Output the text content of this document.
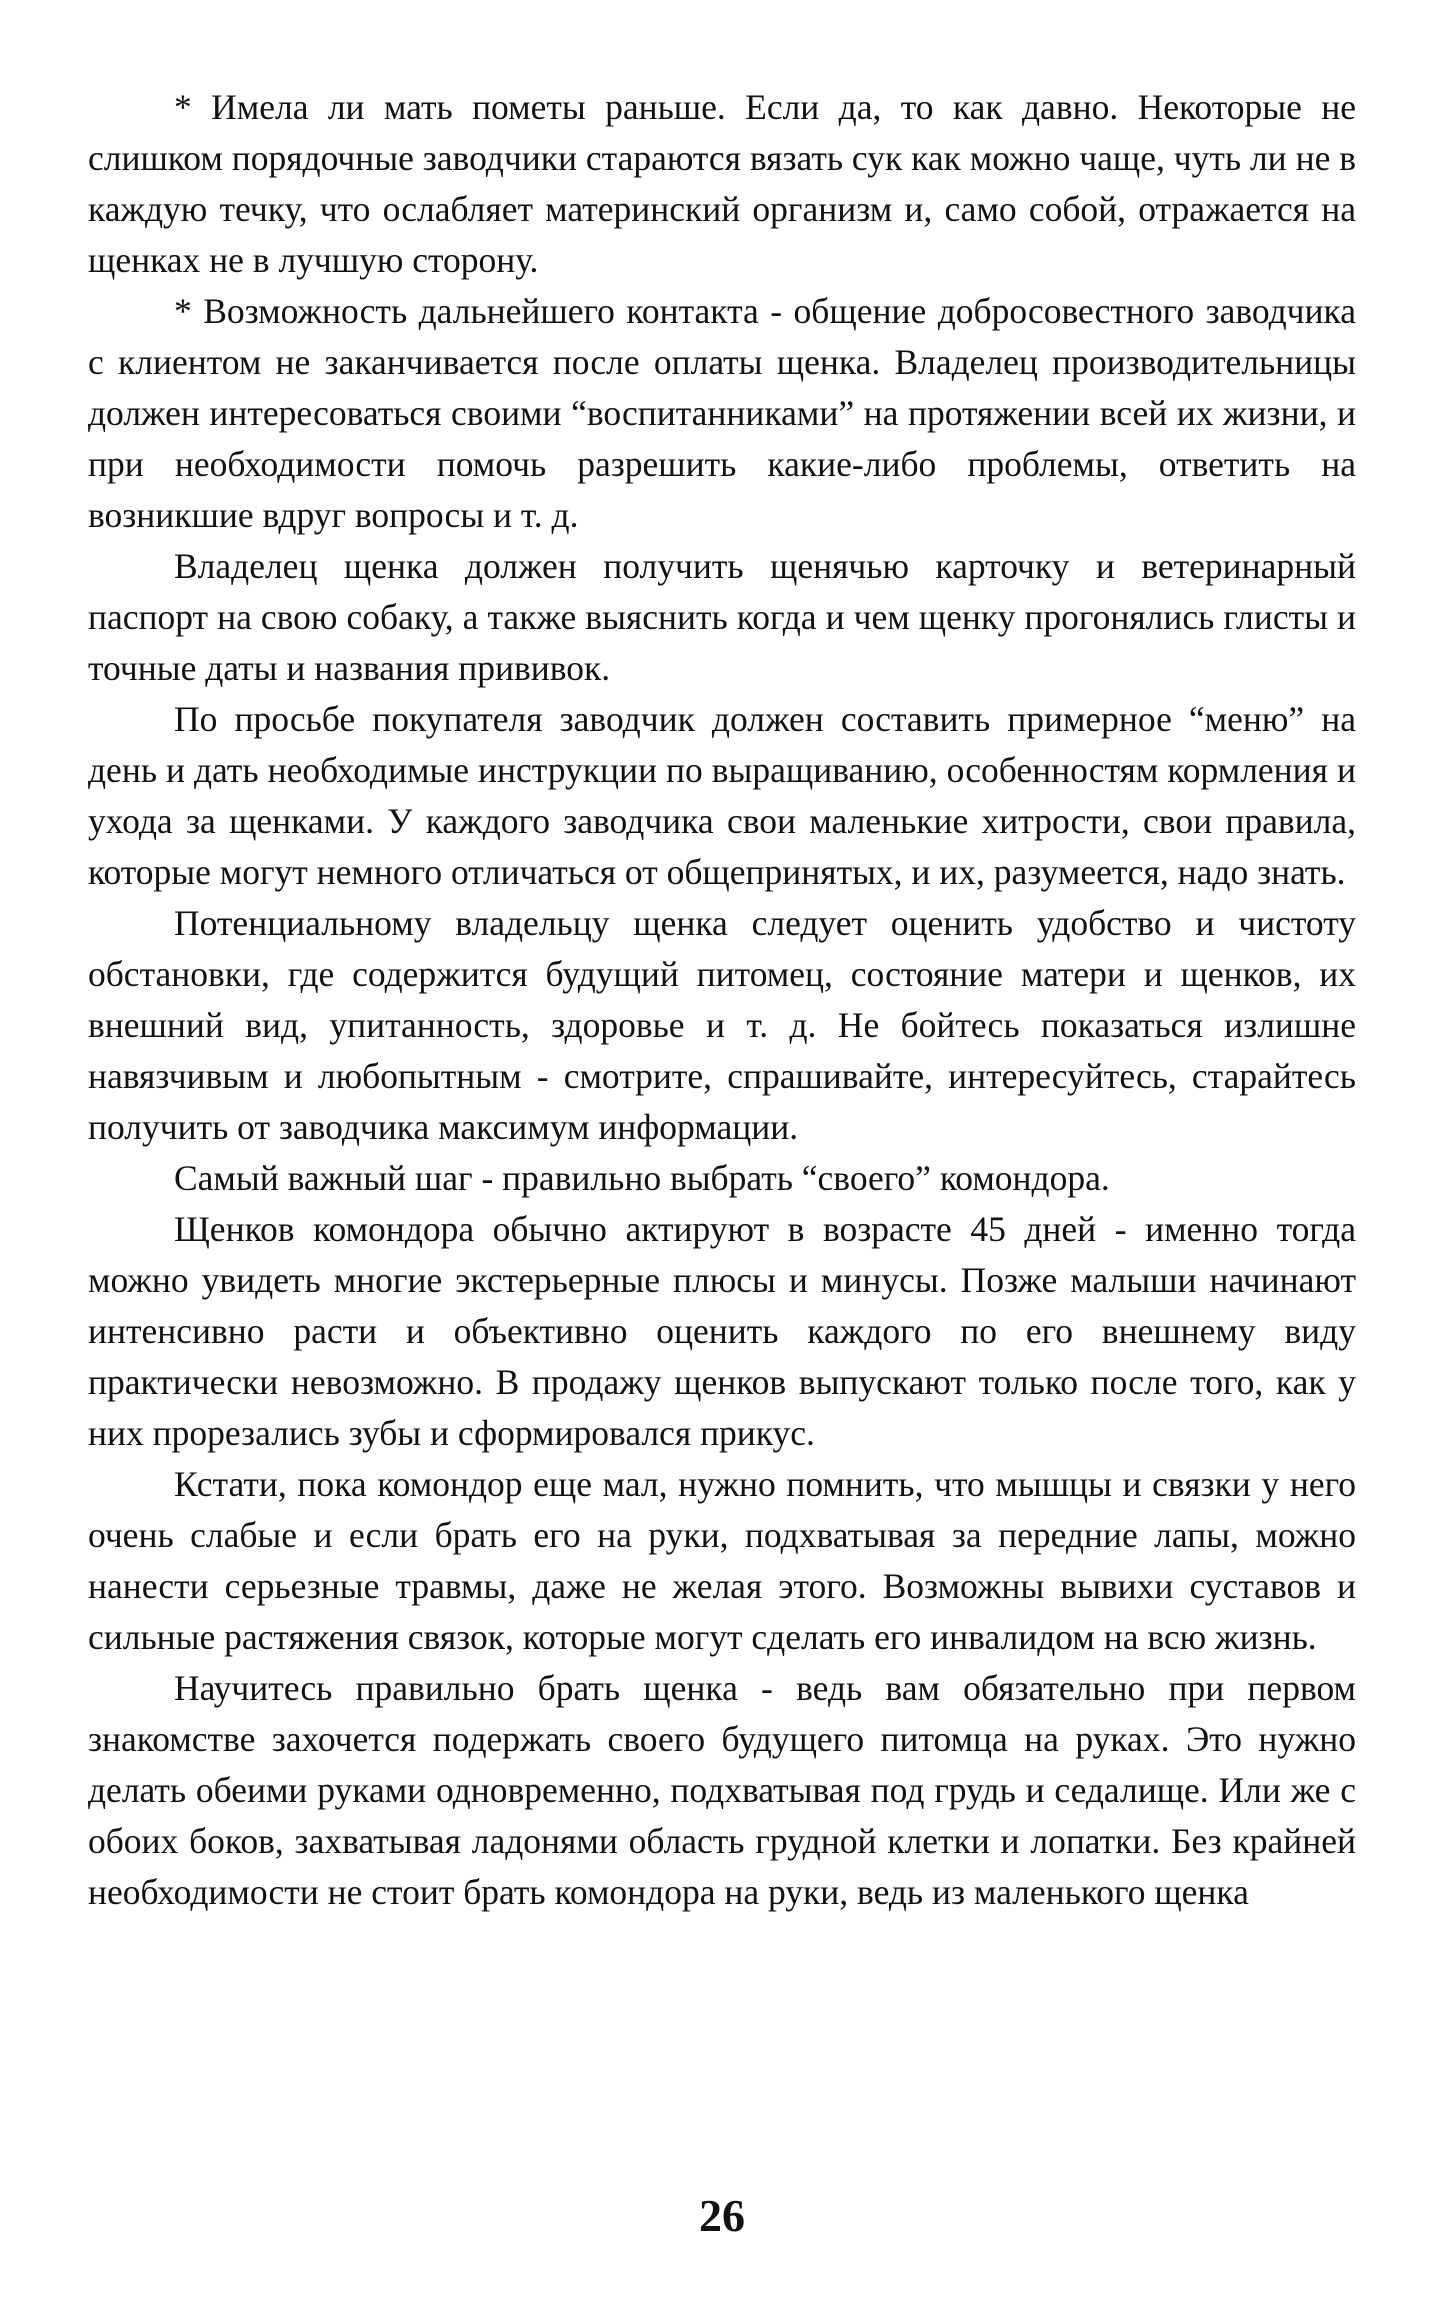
* Имела ли мать пометы раньше. Если да, то как давно. Некоторые не слишком порядочные заводчики стараются вязать сук как можно чаще, чуть ли не в каждую течку, что ослабляет материнский организм и, само собой, отражается на щенках не в лучшую сторону.

* Возможность дальнейшего контакта - общение добросовестного заводчика с клиентом не заканчивается после оплаты щенка. Владелец производительницы должен интересоваться своими “воспитанниками” на протяжении всей их жизни, и при необходимости помочь разрешить какие-либо проблемы, ответить на возникшие вдруг вопросы и т. д.

Владелец щенка должен получить щенячью карточку и ветеринарный паспорт на свою собаку, а также выяснить когда и чем щенку прогонялись глисты и точные даты и названия прививок.

По просьбе покупателя заводчик должен составить примерное “меню” на день и дать необходимые инструкции по выращиванию, особенностям кормления и ухода за щенками. У каждого заводчика свои маленькие хитрости, свои правила, которые могут немного отличаться от общепринятых, и их, разумеется, надо знать.

Потенциальному владельцу щенка следует оценить удобство и чистоту обстановки, где содержится будущий питомец, состояние матери и щенков, их внешний вид, упитанность, здоровье и т. д. Не бойтесь показаться излишне навязчивым и любопытным - смотрите, спрашивайте, интересуйтесь, старайтесь получить от заводчика максимум информации.

Самый важный шаг - правильно выбрать “своего” комондора.

Щенков комондора обычно актируют в возрасте 45 дней - именно тогда можно увидеть многие экстерьерные плюсы и минусы. Позже малыши начинают интенсивно расти и объективно оценить каждого по его внешнему виду практически невозможно. В продажу щенков выпускают только после того, как у них прорезались зубы и сформировался прикус.

Кстати, пока комондор еще мал, нужно помнить, что мышцы и связки у него очень слабые и если брать его на руки, подхватывая за передние лапы, можно нанести серьезные травмы, даже не желая этого. Возможны вывихи суставов и сильные растяжения связок, которые могут сделать его инвалидом на всю жизнь.

Научитесь правильно брать щенка - ведь вам обязательно при первом знакомстве захочется подержать своего будущего питомца на руках. Это нужно делать обеими руками одновременно, подхватывая под грудь и седалище. Или же с обоих боков, захватывая ладонями область грудной клетки и лопатки. Без крайней необходимости не стоит брать комондора на руки, ведь из маленького щенка

26
